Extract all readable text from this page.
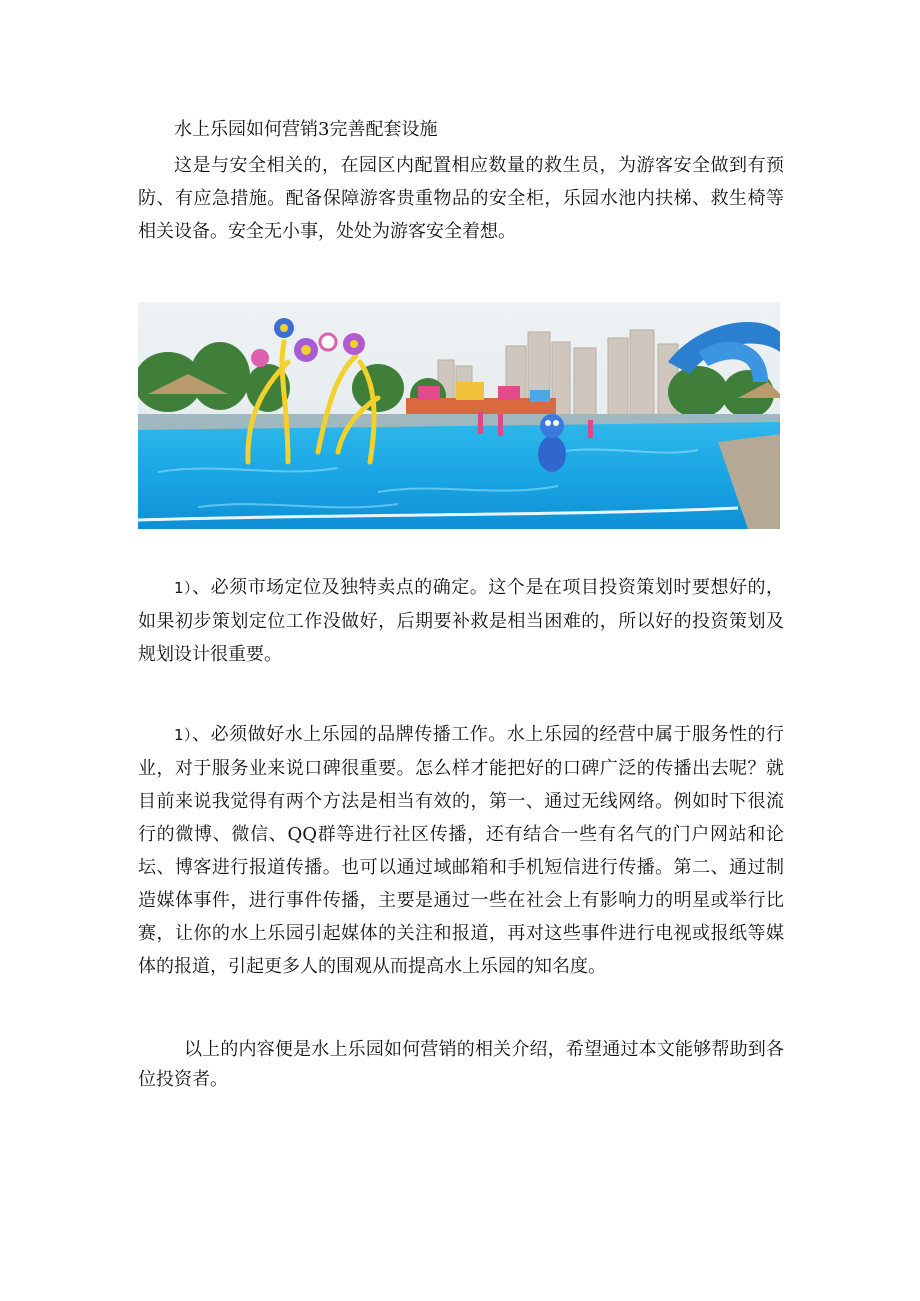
水上乐园如何营销3完善配套设施
这是与安全相关的，在园区内配置相应数量的救生员，为游客安全做到有预防、有应急措施。配备保障游客贵重物品的安全柜，乐园水池内扶梯、救生椅等相关设备。安全无小事，处处为游客安全着想。
1）、必须市场定位及独特卖点的确定。这个是在项目投资策划时要想好的，如果初步策划定位工作没做好，后期要补救是相当困难的，所以好的投资策划及规划设计很重要。
1）、必须做好水上乐园的品牌传播工作。水上乐园的经营中属于服务性的行业，对于服务业来说口碑很重要。怎么样才能把好的口碑广泛的传播出去呢？就目前来说我觉得有两个方法是相当有效的，第一、通过无线网络。例如时下很流行的微博、微信、QQ群等进行社区传播，还有结合一些有名气的门户网站和论坛、博客进行报道传播。也可以通过域邮箱和手机短信进行传播。第二、通过制造媒体事件，进行事件传播，主要是通过一些在社会上有影响力的明星或举行比赛，让你的水上乐园引起媒体的关注和报道，再对这些事件进行电视或报纸等媒体的报道，引起更多人的围观从而提高水上乐园的知名度。
以上的内容便是水上乐园如何营销的相关介绍，希望通过本文能够帮助到各位投资者。
